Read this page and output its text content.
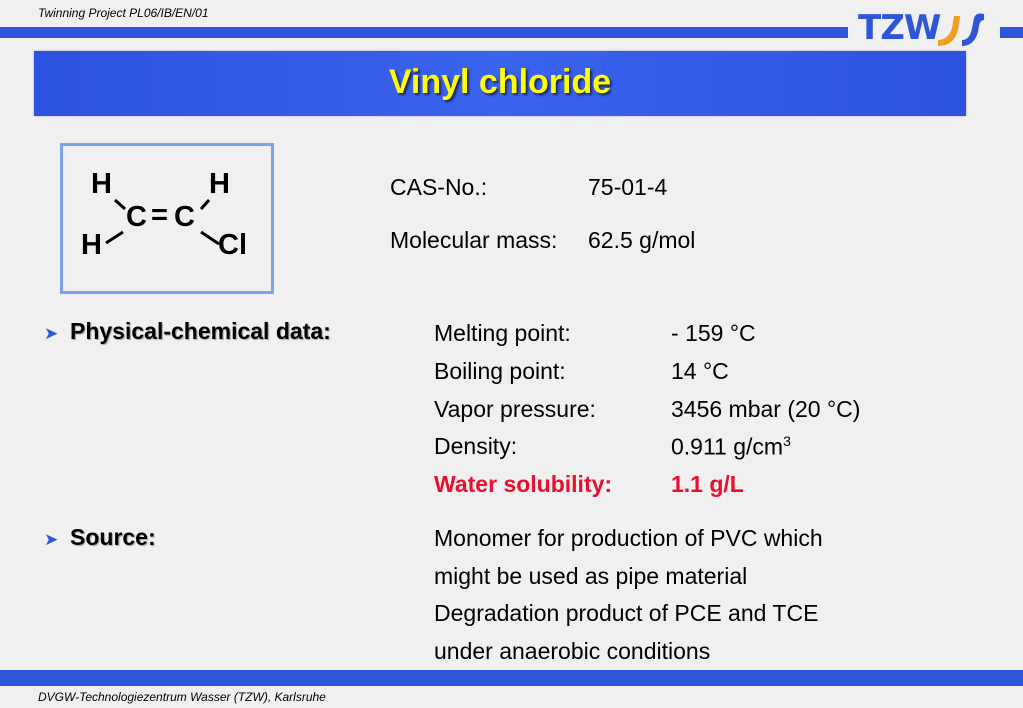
Twinning Project PL06/IB/EN/01	TZW
Vinyl chloride
H	H
C = C
H	Cl
CAS-No.:	75-01-4
Molecular mass: 62.5 g/mol
➤ Physical-chemical data:	Melting point:	- 159 °C
Boiling point:	14 °C
Vapor pressure:	3456 mbar (20 °C)
Density:	0.911 $g/cm^3$
Water solubility:	1.1 g/L
➤ Source:	Monomer for production of PVC which
might be used as pipe material
Degradation product of PCE and TCE
under anaerobic conditions
DVGW-Technologiezentrum Wasser (TZW), Karlsruhe
